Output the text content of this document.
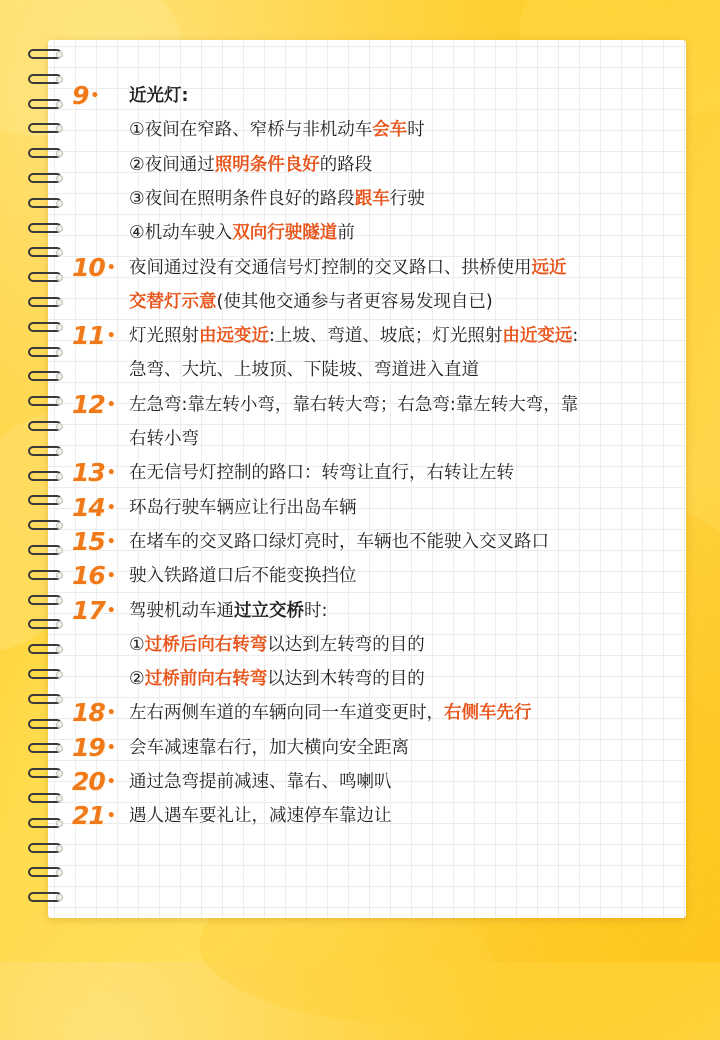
9 •	近光灯:
①夜间在窄路、窄桥与非机动车会车时
②夜间通过照明条件良好的路段
③夜间在照明条件良好的路段跟车行驶
④机动车驶入双向行驶隧道前
10 • 夜间通过没有交通信号灯控制的交叉路口、拱桥使用远近
交替灯示意(使其他交通参与者更容易发现自已)
11 • 灯光照射由远变近:上坡、弯道、坡底；灯光照射由近变远:
急弯、大坑、上坡顶、下陡坡、弯道进入直道
12 • 左急弯:靠左转小弯，靠右转大弯；右急弯:靠左转大弯，靠
右转小弯
13 • 在无信号灯控制的路口：转弯让直行，右转让左转
14 • 环岛行驶车辆应让行出岛车辆
15 • 在堵车的交叉路口绿灯亮时，车辆也不能驶入交叉路口
16 • 驶入铁路道口后不能变换挡位
17 • 驾驶机动车通过立交桥时:
①过桥后向右转弯以达到左转弯的目的
②过桥前向右转弯以达到木转弯的目的
18 • 左右两侧车道的车辆向同一车道变更时，右侧车先行
19 • 会车减速靠右行，加大横向安全距离
20 • 通过急弯提前减速、靠右、鸣喇叭
21 • 遇人遇车要礼让，减速停车靠边让
